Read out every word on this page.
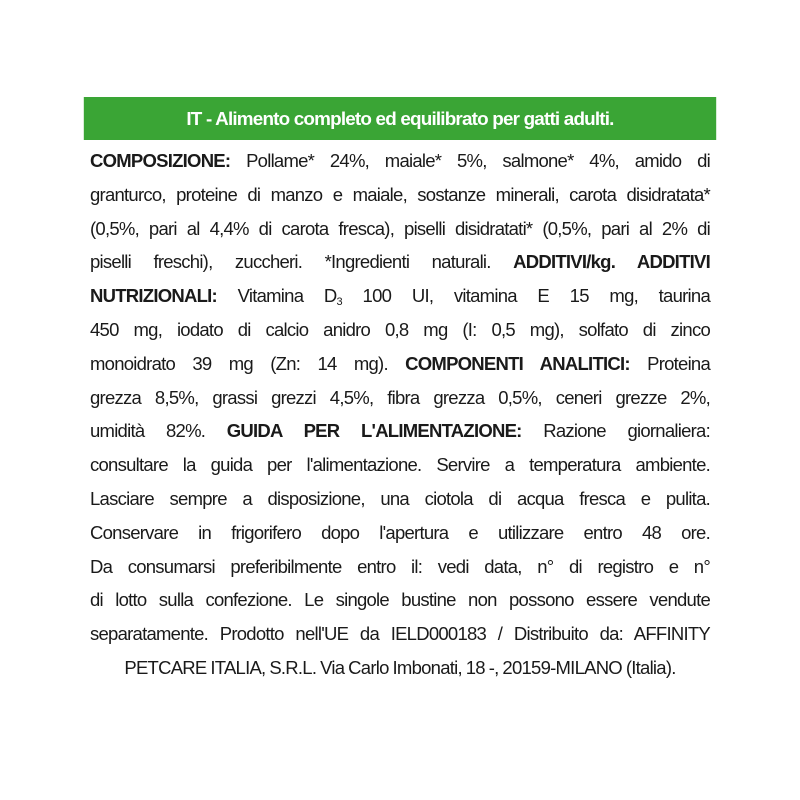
IT - Alimento completo ed equilibrato per gatti adulti.
COMPOSIZIONE: Pollame* 24%, maiale* 5%, salmone* 4%, amido di
granturco, proteine di manzo e maiale, sostanze minerali, carota disidratata*
(0,5%, pari al 4,4% di carota fresca), piselli disidratati* (0,5%, pari al 2% di
piselli freschi), zuccheri. *Ingredienti naturali. ADDITIVI/kg. ADDITIVI
NUTRIZIONALI: Vitamina $D_3$ 100 UI, vitamina E 15 mg, taurina
450 mg, iodato di calcio anidro 0,8 mg (I: 0,5 mg), solfato di zinco
monoidrato 39 mg (Zn: 14 mg). COMPONENTI ANALITICI: Proteina
grezza 8,5%, grassi grezzi 4,5%, fibra grezza 0,5%, ceneri grezze 2%,
umidità 82%. GUIDA PER L'ALIMENTAZIONE: Razione giornaliera:
consultare la guida per l'alimentazione. Servire a temperatura ambiente.
Lasciare sempre a disposizione, una ciotola di acqua fresca e pulita.
Conservare in frigorifero dopo l'apertura e utilizzare entro 48 ore.
Da consumarsi preferibilmente entro il: vedi data, n° di registro e n°
di lotto sulla confezione. Le singole bustine non possono essere vendute
separatamente. Prodotto nell'UE da IELD000183 / Distribuito da: AFFINITY
PETCARE ITALIA, S.R.L. Via Carlo Imbonati, 18 -, 20159-MILANO (Italia).
